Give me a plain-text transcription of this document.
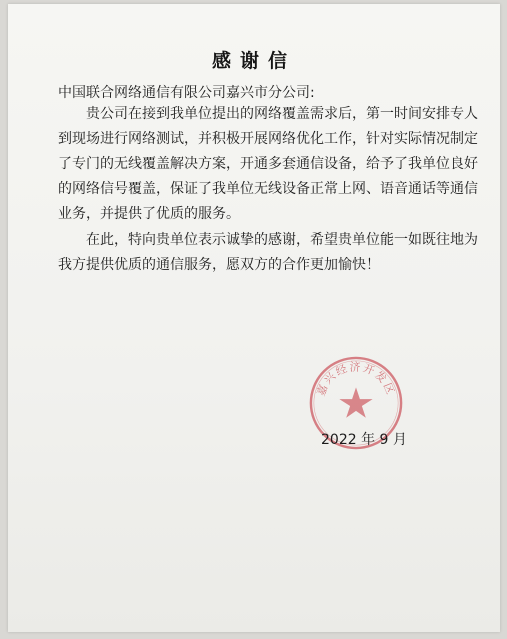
感谢信
中国联合网络通信有限公司嘉兴市分公司:
贵公司在接到我单位提出的网络覆盖需求后，第一时间安排专人到现场进行网络测试，并积极开展网络优化工作，针对实际情况制定了专门的无线覆盖解决方案，开通多套通信设备，给予了我单位良好的网络信号覆盖，保证了我单位无线设备正常上网、语音通话等通信业务，并提供了优质的服务。
在此，特向贵单位表示诚挚的感谢，希望贵单位能一如既往地为我方提供优质的通信服务，愿双方的合作更加愉快！
嘉兴经济开发区
2022 年 9 月
